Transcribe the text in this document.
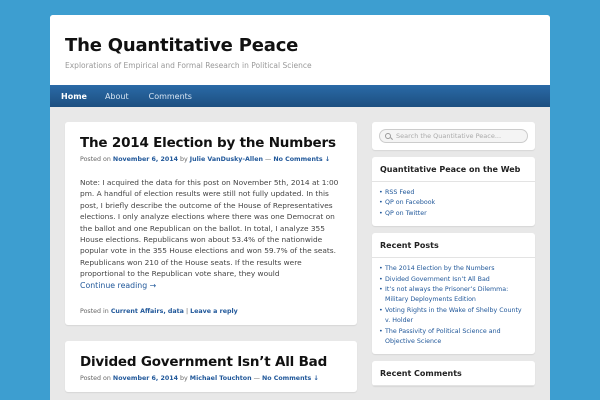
The Quantitative Peace
Explorations of Empirical and Formal Research in Political Science
Home About	Comments
The 2014 Election by the Numbers
Posted on November 6, 2014 by Julie VanDusky-Allen — No Comments ↓

Note: I acquired the data for this post on November 5th, 2014 at 1:00 pm. A handful of election results were still not fully updated. In this post, I briefly describe the outcome of the House of Representatives elections. I only analyze elections where there was one Democrat on the ballot and one Republican on the ballot. In total, I analyze 355 House elections. Republicans won about 53.4% of the nationwide popular vote in the 355 House elections and won 59.7% of the seats. Republicans won 210 of the House seats. If the results were proportional to the Republican vote share, they would

Continue reading →
Posted in Current Affairs, data | Leave a reply
Divided Government Isn’t All Bad
Posted on November 6, 2014 by Michael Touchton — No Comments ↓
Search the Quantitative Peace...
Quantitative Peace on the Web
• RSS Feed
• QP on Facebook
• QP on Twitter
Recent Posts
• The 2014 Election by the Numbers
• Divided Government Isn’t All Bad
• It’s not always the Prisoner’s Dilemma: Military Deployments Edition
• Voting Rights in the Wake of Shelby County v. Holder
• The Passivity of Political Science and Objective Science
Recent Comments
